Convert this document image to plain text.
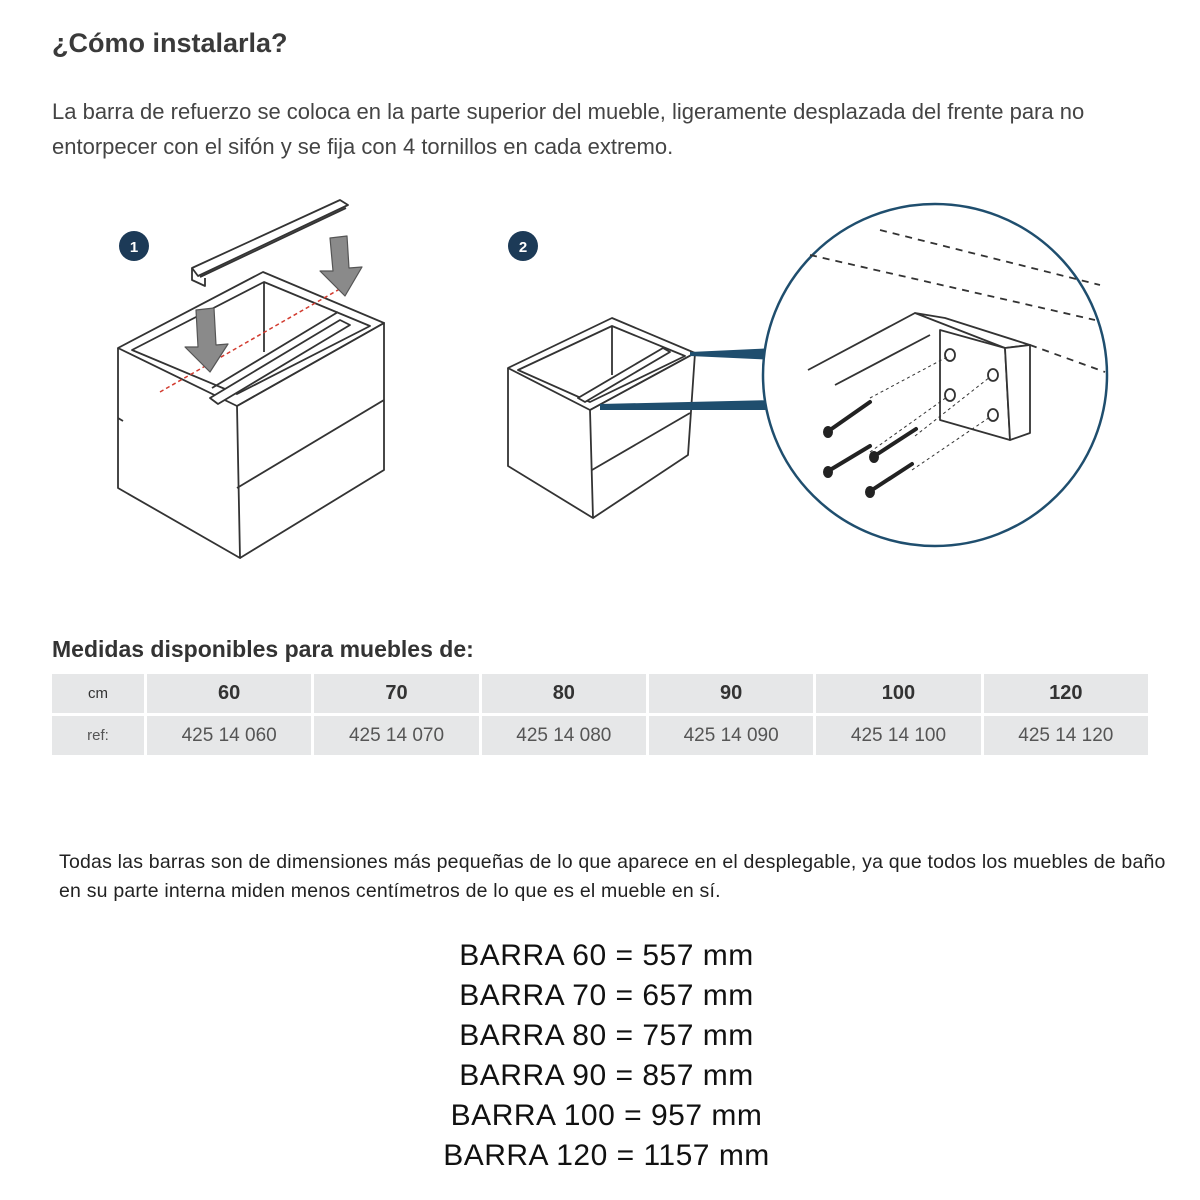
¿Cómo instalarla?

La barra de refuerzo se coloca en la parte superior del mueble, ligeramente desplazada del frente para no entorpecer con el sifón y se fija con 4 tornillos en cada extremo.

1	2
Medidas disponibles para muebles de:
cm	60	70	80	90	100	120
ref:	425 14 060	425 14 070	425 14 080	425 14 090	425 14 100	425 14 120

Todas las barras son de dimensiones más pequeñas de lo que aparece en el desplegable, ya que todos los muebles de baño en su parte interna miden menos centímetros de lo que es el mueble en sí.

BARRA 60 = 557 mm
BARRA 70 = 657 mm
BARRA 80 = 757 mm
BARRA 90 = 857 mm
BARRA 100 = 957 mm
BARRA 120 = 1157 mm
